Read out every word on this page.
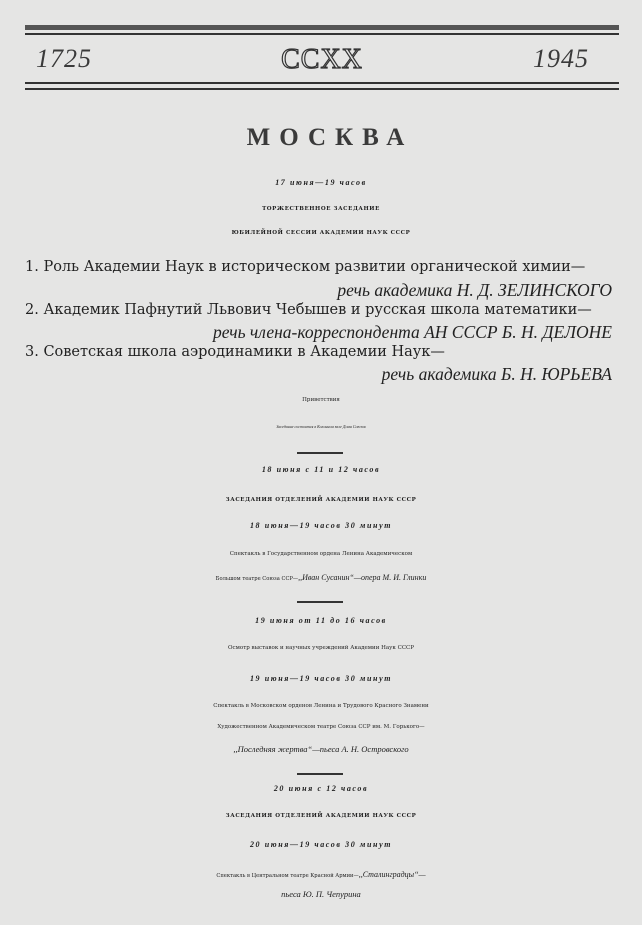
1725	CCXX	1945
МОСКВА
17 июня—19 часов
ТОРЖЕСТВЕННОЕ ЗАСЕДАНИЕ
ЮБИЛЕЙНОЙ СЕССИИ АКАДЕМИИ НАУК СССР
1. Роль Академии Наук в историческом развитии органической химии—
речь академика Н. Д. ЗЕЛИНСКОГО
2. Академик Пафнутий Львович Чебышев и русская школа математики—
речь члена-корреспондента АН СССР Б. Н. ДЕЛОНЕ
3. Советская школа аэродинамики в Академии Наук—
речь академика Б. Н. ЮРЬЕВА
Приветствия
Заседание состоится в Колонном зале Дома Союзов
18 июня с 11 и 12 часов
ЗАСЕДАНИЯ ОТДЕЛЕНИЙ АКАДЕМИИ НАУК СССР
18 июня—19 часов 30 минут
Спектакль в Государственном ордена Ленина Академическом
Большом театре Союза ССР—,,Иван Сусанин“—опера М. И. Глинки
19 июня от 11 до 16 часов
Осмотр выставок и научных учреждений Академии Наук СССР
19 июня—19 часов 30 минут
Спектакль в Московском орденов Ленина и Трудового Красного Знамени
Художественном Академическом театре Союза ССР им. М. Горького—
,,Последняя жертва“—пьеса А. Н. Островского
20 июня с 12 часов
ЗАСЕДАНИЯ ОТДЕЛЕНИЙ АКАДЕМИИ НАУК СССР
20 июня—19 часов 30 минут
Спектакль в Центральном театре Красной Армии—,,Сталинградцы“—
пьеса Ю. П. Чепурина
